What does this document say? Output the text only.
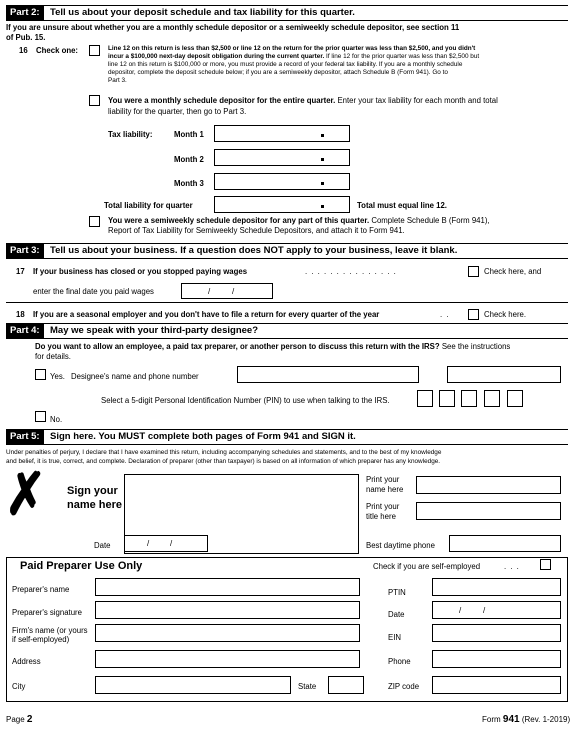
Part 2:	Tell us about your deposit schedule and tax liability for this quarter.
If you are unsure about whether you are a monthly schedule depositor or a semiweekly schedule depositor, see section 11
of Pub. 15.
16 Check one:	Line 12 on this return is less than $2,500 or line 12 on the return for the prior quarter was less than $2,500, and you didn't
incur a $100,000 next-day deposit obligation during the current quarter. If line 12 for the prior quarter was less than $2,500 but
line 12 on this return is $100,000 or more, you must provide a record of your federal tax liability. If you are a monthly schedule
depositor, complete the deposit schedule below; if you are a semiweekly depositor, attach Schedule B (Form 941). Go to
Part 3.
You were a monthly schedule depositor for the entire quarter. Enter your tax liability for each month and total
liability for the quarter, then go to Part 3.
Tax liability:	Month 1
Month 2
Month 3
Total liability for quarter	Total must equal line 12.
You were a semiweekly schedule depositor for any part of this quarter. Complete Schedule B (Form 941),
Report of Tax Liability for Semiweekly Schedule Depositors, and attach it to Form 941.
Part 3:	Tell us about your business. If a question does NOT apply to your business, leave it blank.
17 If your business has closed or you stopped paying wages	. . . . . . . . . . . . . . .	Check here, and
enter the final date you paid wages	/	/
18 If you are a seasonal employer and you don't have to file a return for every quarter of the year	. .	Check here.
Part 4:	May we speak with your third-party designee?
Do you want to allow an employee, a paid tax preparer, or another person to discuss this return with the IRS? See the instructions
for details.
Yes. Designee's name and phone number
Select a 5-digit Personal Identification Number (PIN) to use when talking to the IRS.
No.
Part 5:	Sign here. You MUST complete both pages of Form 941 and SIGN it.
Under penalties of perjury, I declare that I have examined this return, including accompanying schedules and statements, and to the best of my knowledge
and belief, it is true, correct, and complete. Declaration of preparer (other than taxpayer) is based on all information of which preparer has any knowledge.
✗ Sign your
name here
Print your
name here
Print your
title here
Date	/	/	Best daytime phone
Paid Preparer Use Only	Check if you are self-employed	. . .
Preparer's name	PTIN
Preparer's signature	Date	/	/
Firm's name (or yours
if self-employed)	EIN
Address	Phone
City	State	ZIP code
Page 2	Form 941 (Rev. 1-2019)
